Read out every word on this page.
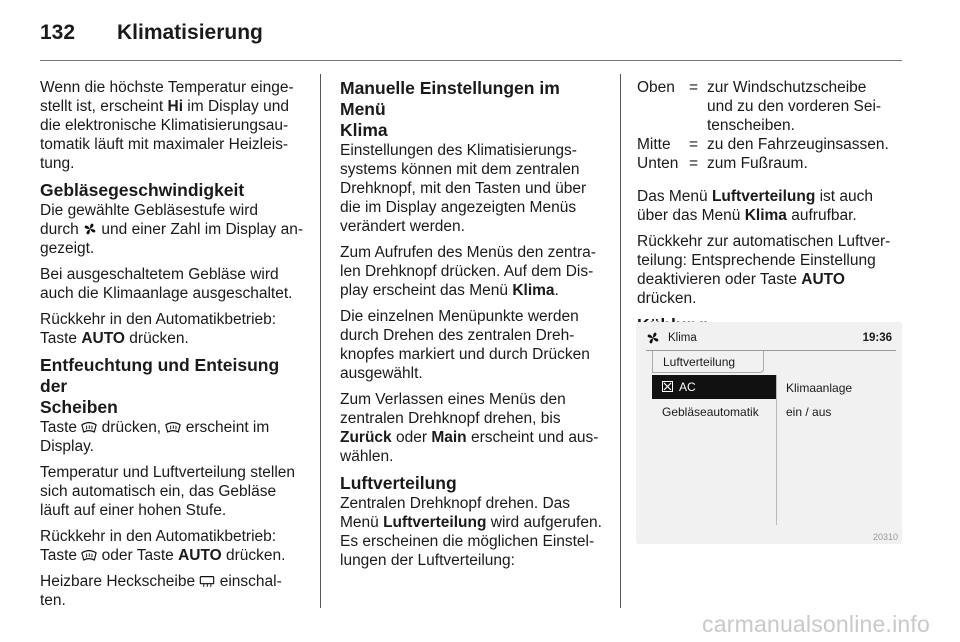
132	Klimatisierung

Wenn die höchste Temperatur einge-
stellt ist, erscheint Hi im Display und
die elektronische Klimatisierungsau-
tomatik läuft mit maximaler Heizleis-
tung.

Gebläsegeschwindigkeit

Die gewählte Gebläsestufe wird
durch  und einer Zahl im Display an-
gezeigt.

Bei ausgeschaltetem Gebläse wird
auch die Klimaanlage ausgeschaltet.

Rückkehr in den Automatikbetrieb:
Taste AUTO drücken.

Entfeuchtung und Enteisung der
Scheiben

Taste  drücken,  erscheint im
Display.

Temperatur und Luftverteilung stellen
sich automatisch ein, das Gebläse
läuft auf einer hohen Stufe.

Rückkehr in den Automatikbetrieb:
Taste  oder Taste AUTO drücken.

Heizbare Heckscheibe  einschal-
ten.

Manuelle Einstellungen im Menü
Klima

Einstellungen des Klimatisierungs-
systems können mit dem zentralen
Drehknopf, mit den Tasten und über
die im Display angezeigten Menüs
verändert werden.

Zum Aufrufen des Menüs den zentra-
len Drehknopf drücken. Auf dem Dis-
play erscheint das Menü Klima.

Die einzelnen Menüpunkte werden
durch Drehen des zentralen Dreh-
knopfes markiert und durch Drücken
ausgewählt.

Zum Verlassen eines Menüs den
zentralen Drehknopf drehen, bis
Zurück oder Main erscheint und aus-
wählen.

Luftverteilung

Zentralen Drehknopf drehen. Das
Menü Luftverteilung wird aufgerufen.
Es erscheinen die möglichen Einstel-
lungen der Luftverteilung:

Oben = zur Windschutzscheibe
und zu den vorderen Sei-
tenscheiben.
Mitte	= zu den Fahrzeuginsassen.
Unten = zum Fußraum.

Das Menü Luftverteilung ist auch
über das Menü Klima aufrufbar.

Rückkehr zur automatischen Luftver-
teilung: Entsprechende Einstellung
deaktivieren oder Taste AUTO
drücken.

Klima	19:36
Luftverteilung
AC
Gebläseautomatik
Klimaanlage
ein / aus
20310
carmanualsonline.info
